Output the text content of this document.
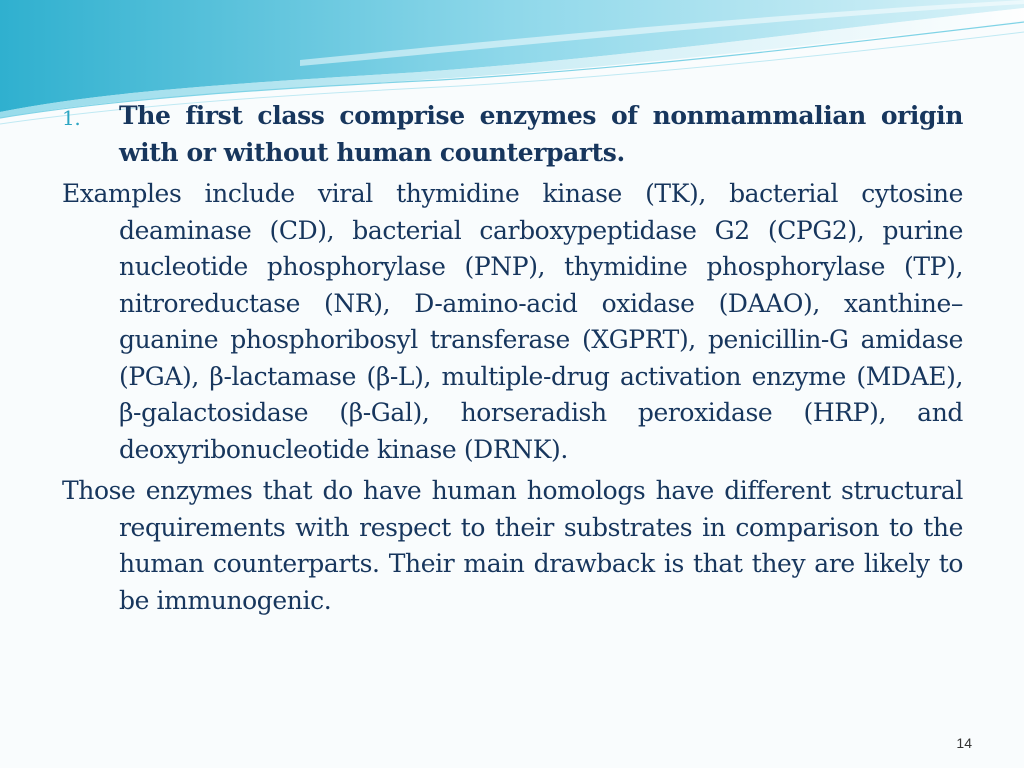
1.	The first class comprise enzymes of nonmammalian origin with or without human counterparts.

Examples include viral thymidine kinase (TK), bacterial cytosine deaminase (CD), bacterial carboxypeptidase G2 (CPG2), purine nucleotide phosphorylase (PNP), thymidine phosphorylase (TP), nitroreductase (NR), D-amino-acid oxidase (DAAO), xanthine–guanine phosphoribosyl transferase (XGPRT), penicillin-G amidase (PGA), β-lactamase (β-L), multiple-drug activation enzyme (MDAE), β-galactosidase (β-Gal), horseradish peroxidase (HRP), and deoxyribonucleotide kinase (DRNK).

Those enzymes that do have human homologs have different structural requirements with respect to their substrates in comparison to the human counterparts. Their main drawback is that they are likely to be immunogenic.

14
